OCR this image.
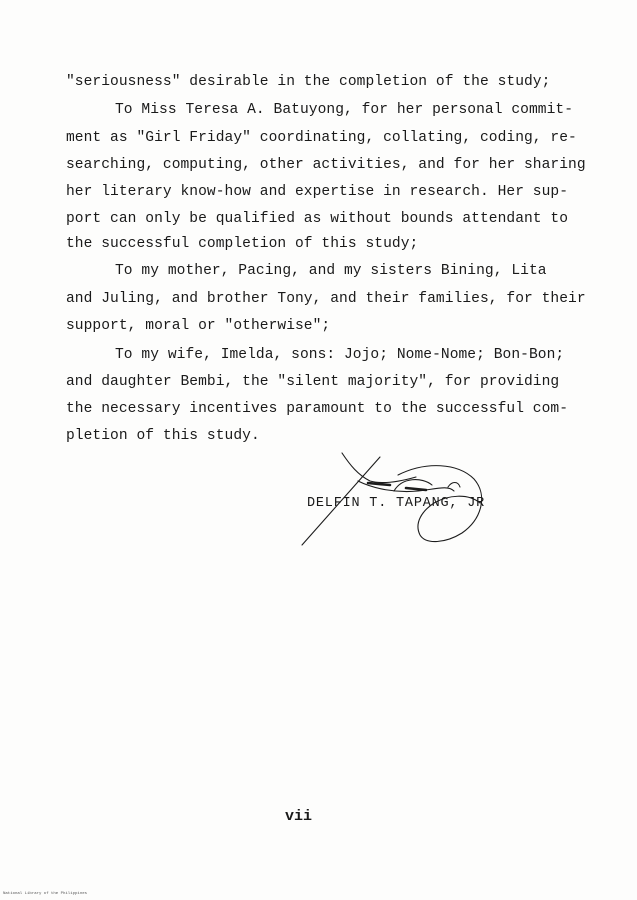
"seriousness" desirable in the completion of the study;
To Miss Teresa A. Batuyong, for her personal commit-
ment as "Girl Friday" coordinating, collating, coding, re-
searching, computing, other activities, and for her sharing
her literary know-how and expertise in research. Her sup-
port can only be qualified as without bounds attendant to
the successful completion of this study;
To my mother, Pacing, and my sisters Bining, Lita
and Juling, and brother Tony, and their families, for their
support, moral or "otherwise";
To my wife, Imelda, sons: Jojo; Nome-Nome; Bon-Bon;
and daughter Bembi, the "silent majority", for providing
the necessary incentives paramount to the successful com-
pletion of this study.
DELFIN T. TAPANG, JR
vii
National Library of the Philippines
